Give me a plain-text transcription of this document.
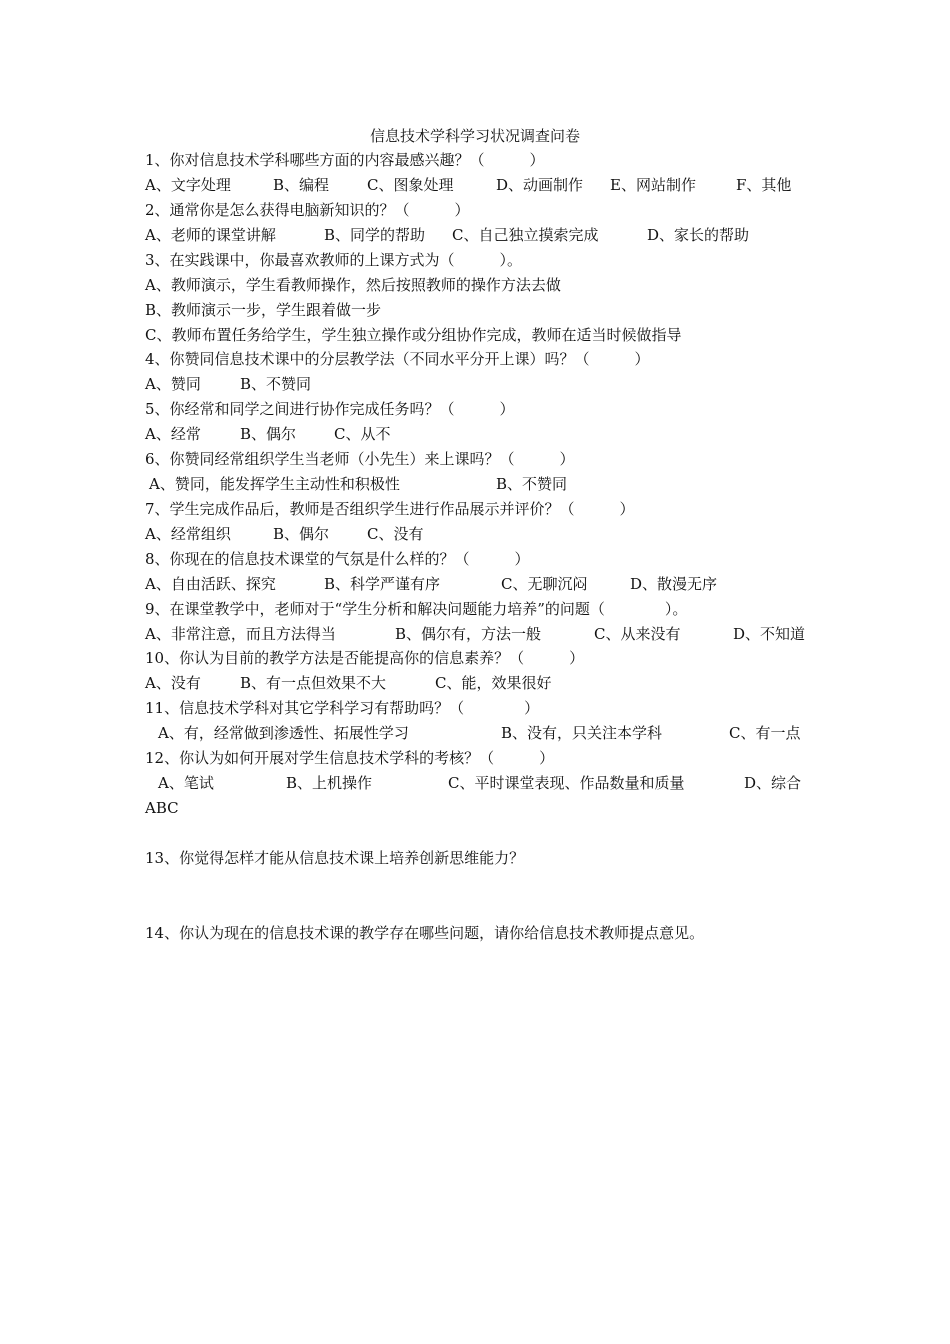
信息技术学科学习状况调查问卷
1、你对信息技术学科哪些方面的内容最感兴趣？（　　　）

A、文字处理

	B、编程

	C、图象处理

	D、动画制作

E、网站制作

	F、其他

2、通常你是怎么获得电脑新知识的？（　　　）

A、老师的课堂讲解

	B、同学的帮助

C、自己独立摸索完成

	D、家长的帮助

3、在实践课中，你最喜欢教师的上课方式为（　　　）。
A、教师演示，学生看教师操作，然后按照教师的操作方法去做
B、教师演示一步，学生跟着做一步
C、教师布置任务给学生，学生独立操作或分组协作完成，教师在适当时候做指导
4、你赞同信息技术课中的分层教学法（不同水平分开上课）吗？（　　　）

A、赞同

	B、不赞同

5、你经常和同学之间进行协作完成任务吗？（　　　）

A、经常

	B、偶尔

	C、从不

6、你赞同经常组织学生当老师（小先生）来上课吗？（　　　）

A、赞同，能发挥学生主动性和积极性

	B、不赞同

7、学生完成作品后，教师是否组织学生进行作品展示并评价？（　　　）

A、经常组织

	B、偶尔

	C、没有

8、你现在的信息技术课堂的气氛是什么样的？（　　　）

A、自由活跃、探究

	B、科学严谨有序

	C、无聊沉闷

	D、散漫无序

9、在课堂教学中，老师对于“学生分析和解决问题能力培养”的问题（　　　　）。

A、非常注意，而且方法得当

	B、偶尔有，方法一般

	C、从来没有

	D、不知道

10、你认为目前的教学方法是否能提高你的信息素养？（　　　）

A、没有

	B、有一点但效果不大

	C、能，效果很好

11、信息技术学科对其它学科学习有帮助吗？（　　　　）

A、有，经常做到渗透性、拓展性学习

	B、没有，只关注本学科

	C、有一点

12、你认为如何开展对学生信息技术学科的考核？（　　　）

A、笔试

	B、上机操作

	C、平时课堂表现、作品数量和质量

	D、综合

ABC
13、你觉得怎样才能从信息技术课上培养创新思维能力？
14、你认为现在的信息技术课的教学存在哪些问题，请你给信息技术教师提点意见。
